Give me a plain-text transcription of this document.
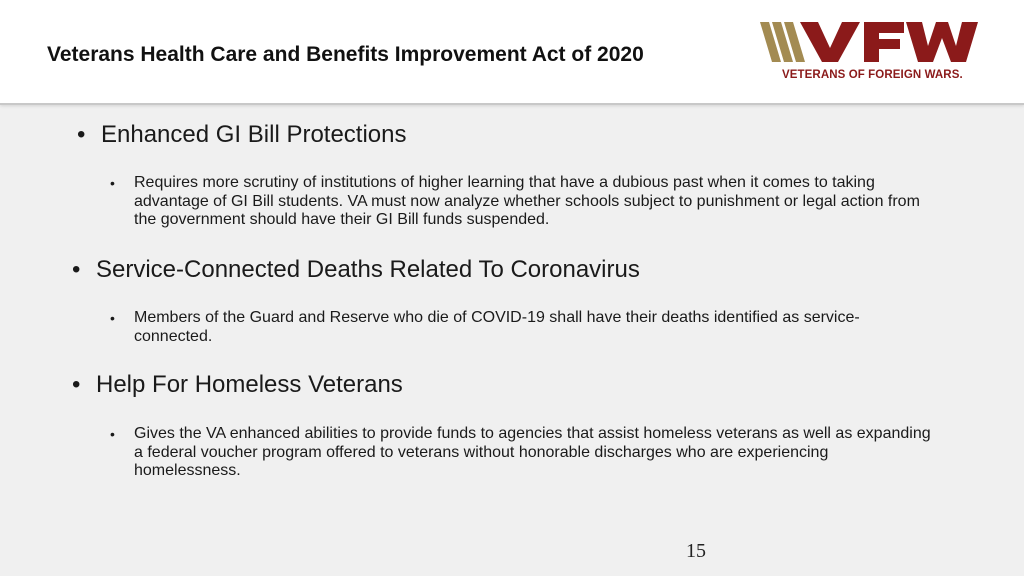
Veterans Health Care and Benefits Improvement Act of 2020
VETERANS OF FOREIGN WARS.
• Enhanced GI Bill Protections
• Requires more scrutiny of institutions of higher learning that have a dubious past when it comes to taking advantage of GI Bill students. VA must now analyze whether schools subject to punishment or legal action from the government should have their GI Bill funds suspended.
• Service-Connected Deaths Related To Coronavirus
• Members of the Guard and Reserve who die of COVID-19 shall have their deaths identified as service-connected.
• Help For Homeless Veterans
• Gives the VA enhanced abilities to provide funds to agencies that assist homeless veterans as well as expanding a federal voucher program offered to veterans without honorable discharges who are experiencing homelessness.
15
